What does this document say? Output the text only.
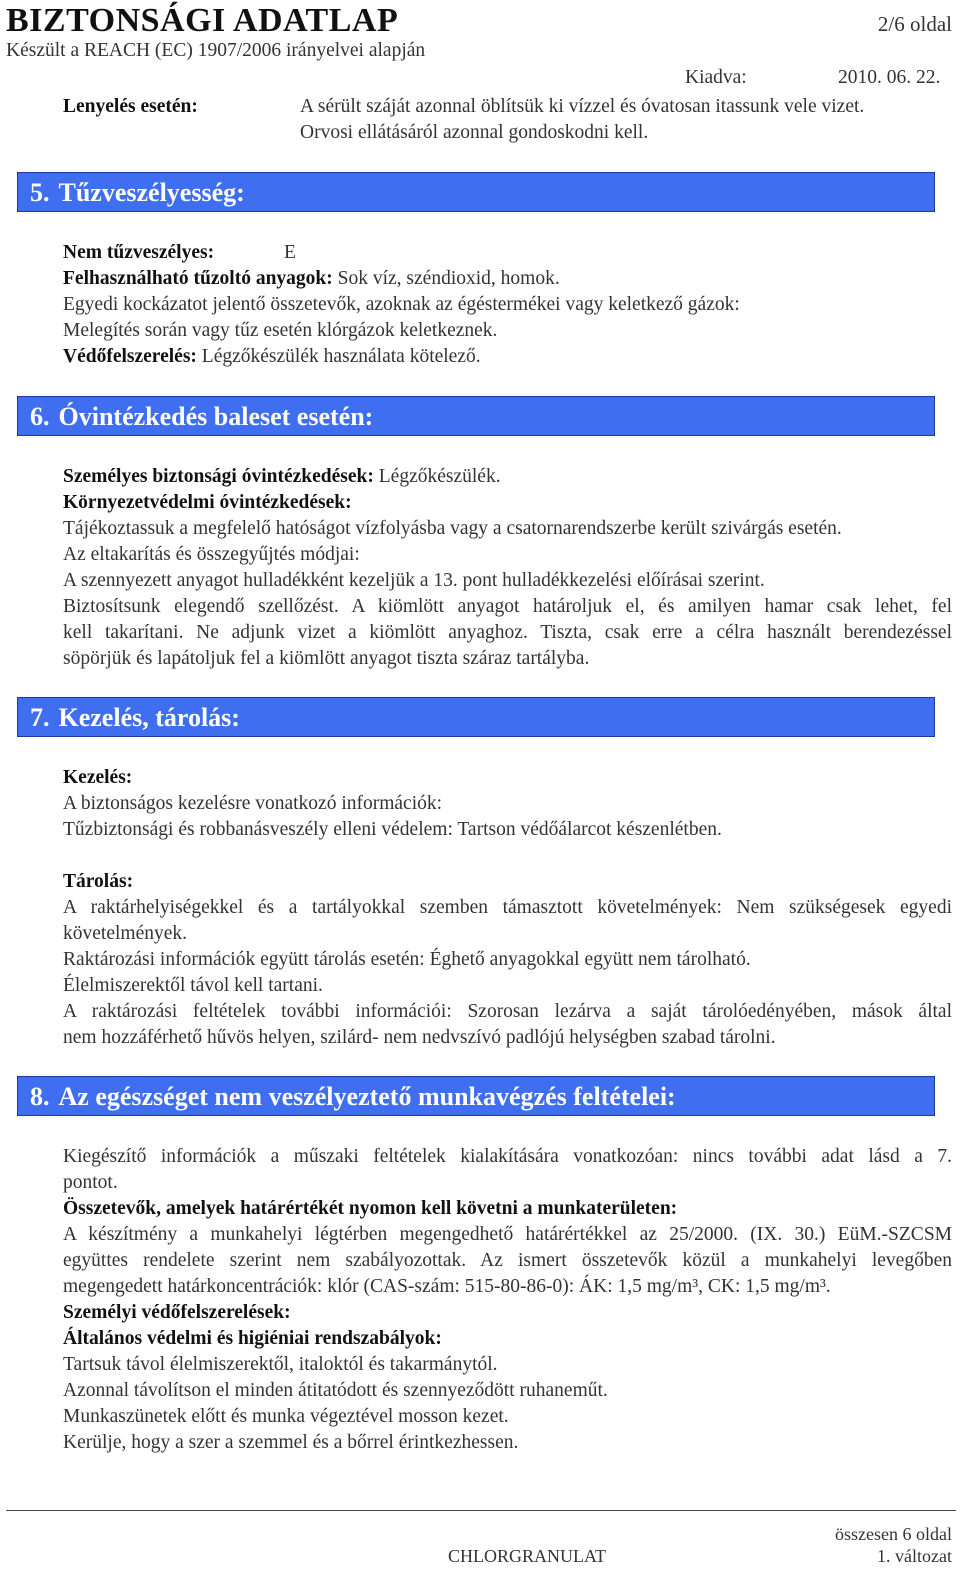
BIZTONSÁGI ADATLAP
Készült a REACH (EC) 1907/2006 irányelvei alapján
2/6 oldal
Kiadva:	2010. 06. 22.
Lenyelés esetén:	A sérült száját azonnal öblítsük ki vízzel és óvatosan itassunk vele vizet.
Orvosi ellátásáról azonnal gondoskodni kell.
5. Tűzveszélyesség:
Nem tűzveszélyes:	E
Felhasználható tűzoltó anyagok: Sok víz, széndioxid, homok.
Egyedi kockázatot jelentő összetevők, azoknak az égéstermékei vagy keletkező gázok:
Melegítés során vagy tűz esetén klórgázok keletkeznek.
Védőfelszerelés: Légzőkészülék használata kötelező.
6. Óvintézkedés baleset esetén:
Személyes biztonsági óvintézkedések: Légzőkészülék.
Környezetvédelmi óvintézkedések:
Tájékoztassuk a megfelelő hatóságot vízfolyásba vagy a csatornarendszerbe került szivárgás esetén.
Az eltakarítás és összegyűjtés módjai:
A szennyezett anyagot hulladékként kezeljük a 13. pont hulladékkezelési előírásai szerint.
Biztosítsunk elegendő szellőzést. A kiömlött anyagot határoljuk el, és amilyen hamar csak lehet, fel
kell takarítani. Ne adjunk vizet a kiömlött anyaghoz. Tiszta, csak erre a célra használt berendezéssel
söpörjük és lapátoljuk fel a kiömlött anyagot tiszta száraz tartályba.
7. Kezelés, tárolás:
Kezelés:
A biztonságos kezelésre vonatkozó információk:
Tűzbiztonsági és robbanásveszély elleni védelem: Tartson védőálarcot készenlétben.
Tárolás:
A raktárhelyiségekkel és a tartályokkal szemben támasztott követelmények: Nem szükségesek egyedi
követelmények.
Raktározási információk együtt tárolás esetén: Éghető anyagokkal együtt nem tárolható.
Élelmiszerektől távol kell tartani.
A raktározási feltételek további információi: Szorosan lezárva a saját tárolóedényében, mások által
nem hozzáférhető hűvös helyen, szilárd- nem nedvszívó padlójú helységben szabad tárolni.
8. Az egészséget nem veszélyeztető munkavégzés feltételei:
Kiegészítő információk a műszaki feltételek kialakítására vonatkozóan: nincs további adat lásd a 7.
pontot.
Összetevők, amelyek határértékét nyomon kell követni a munkaterületen:
A készítmény a munkahelyi légtérben megengedhető határértékkel az 25/2000. (IX. 30.) EüM.-SZCSM
együttes rendelete szerint nem szabályozottak. Az ismert összetevők közül a munkahelyi levegőben
megengedett határkoncentrációk: klór (CAS-szám: 515-80-86-0): ÁK: 1,5 mg/m³, CK: 1,5 mg/m³.
Személyi védőfelszerelések:
Általános védelmi és higiéniai rendszabályok:
Tartsuk távol élelmiszerektől, italoktól és takarmánytól.
Azonnal távolítson el minden átitatódott és szennyeződött ruhaneműt.
Munkaszünetek előtt és munka végeztével mosson kezet.
Kerülje, hogy a szer a szemmel és a bőrrel érintkezhessen.
összesen 6 oldal
CHLORGRANULAT	1. változat
